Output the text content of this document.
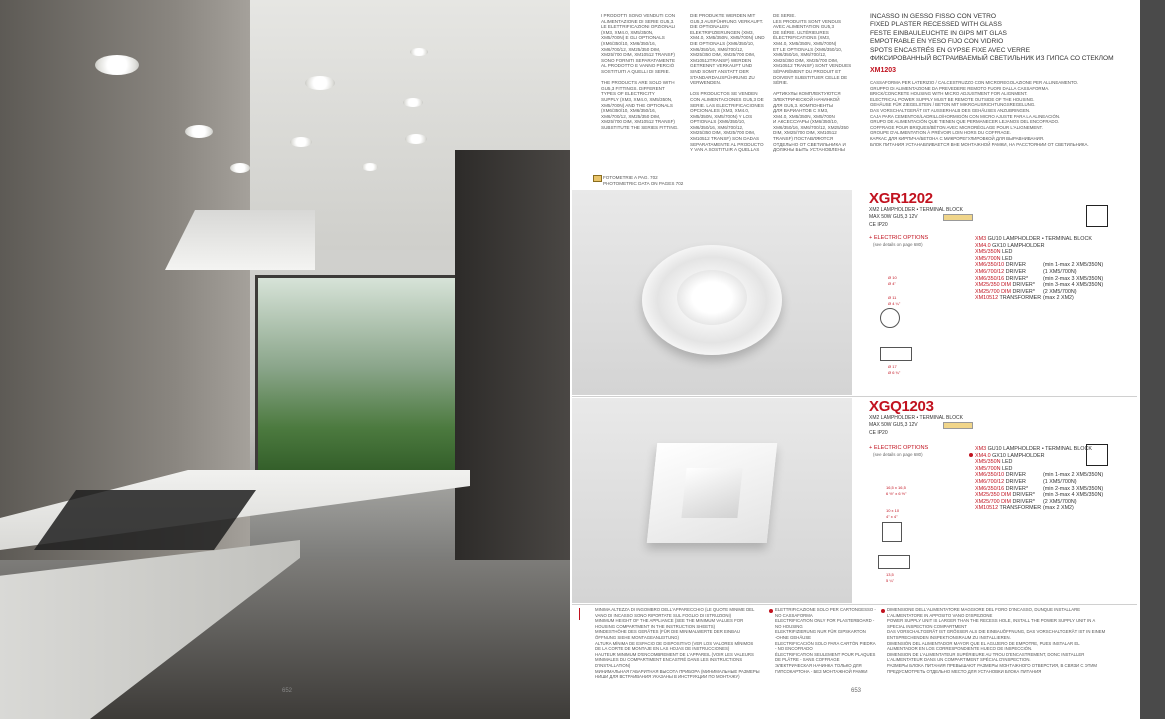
652
I PRODOTTI SONO VENDUTI CON
ALIMENTAZIONE DI SERIE GU5,3.
LE ELETTRIFICAZIONI OPZIONALI
(XM3, XM4.0, XM5/350N,
XM5/700N) E GLI OPTIONALS
(XM6/350/10, XM6/350/16,
XM6/700/12, XM25/350 DIM,
XM25/700 DIM, XM10512 TRANSF)
SONO FORNITI SEPARATAMENTE
AL PRODOTTO E VANNO PERCIÒ
SOSTITUITI A QUELLI DI SERIE.

THE PRODUCTS ARE SOLD WITH
GU5,3 FITTINGS. DIFFERENT
TYPES OF ELECTRICITY
SUPPLY (XM3, XM4.0, XM5/350N,
XM5/700N) AND THE OPTIONALS
(XM6/350/10, XM6/350/16,
XM6/700/12, XM25/350 DIM,
XM25/700 DIM, XM10512 TRANSF)
SUBSTITUTE THE SERIES FITTING.
DIE PRODUKTE WERDEN MIT
GU5,3 AUSFÜHRUNG VERKAUFT.
DIE OPTIONALEN
ELEKTRIFIZIERUNGEN (XM3,
XM4.0, XM5/350N, XM5/700N) UND
DIE OPTIONALS (XM6/350/10,
XM6/350/16, XM6/700/12,
XM25/350 DIM, XM25/700 DIM,
XM10512TRANSF) WERDEN
GETRENNT VERKAUFT UND
SIND SOMIT ANSTATT DER
STANDARDAUSFÜHRUNG ZU
VERWENDEN.

LOS PRODUCTOS SE VENDEN
CON ALIMENTACIONES GU5,3 DE
SERIE. LAS ELECTRIFICACIONES
OPCIONALES (XM3, XM4.0,
XM5/350N, XM5/700N) Y LOS
OPTIONALS (XM6/350/10,
XM6/350/16, XM6/700/12,
XM25/350 DIM, XM25/700 DIM,
XM10512 TRANSF) SON DADAS
SEPARATAMENTE AL PRODUCTO
Y VAN A SOSTITUIR A QUELLAS
DE SERIE.
LES PRODUITS SONT VENDUS
AVEC ALIMENTATION GU5,3
DE SÉRIE. ULTÉRIEURES
ÉLECTRIFICATIONS (XM3,
XM4.0, XM5/350N, XM5/700N)
ET LE OPTIONALS (XM6/350/10,
XM6/350/16, XM6/700/12,
XM25/350 DIM, XM25/700 DIM,
XM10512 TRANSF) SONT VENDUES
SÉPARÉMENT DU PRODUIT ET
DOIVENT SUBSTITUER CELLE DE
SÉRIE.

АРТИКУЛЫ КОМПЛЕКТУЮТСЯ
ЭЛЕКТРИЧЕСКОЙ НАЧИНКОЙ
ДЛЯ GU5,3. КОМПОНЕНТЫ
ДЛЯ ВАРИАНТОВ С XM3,
XM4.0, XM5/350N, XM5/700N
И АКСЕССУАРЫ (XM6/350/10,
XM6/350/16, XM6/700/12, XM25/350
DIM, XM25/700 DIM, XM10512
TRANSF) ПОСТАВЛЯЮТСЯ
ОТДЕЛЬНО ОТ СВЕТИЛЬНИКА И
ДОЛЖНЫ БЫТЬ УСТАНОВЛЕНЫ
FOTOMETRIE A PAG. 702
PHOTOMETRIC DATA ON PAGES 702
INCASSO IN GESSO FISSO CON VETRO
FIXED PLASTER RECESSED WITH GLASS
FESTE EINBAULEUCHTE IN GIPS MIT GLAS
EMPOTRABLE EN YESO FIJO CON VIDRIO
SPOTS ENCASTRÉS EN GYPSE FIXE AVEC VERRE
ФИКСИРОВАННЫЙ ВСТРАИВАЕМЫЙ СВЕТИЛЬНИК ИЗ ГИПСА СО СТЕКЛОМ
XM1203
CASSAFORMA PER LATERIZIO / CALCESTRUZZO CON MICROREGOLAZIONE PER ALLINEAMENTO.
GRUPPO DI ALIMENTAZIONE DA PREVEDERE REMOTO FUORI DALLA CASSAFORMA.
BRICK/CONCRETE HOUSING WITH MICRO ADJUSTMENT FOR ALIGNMENT.
ELECTRICAL POWER SUPPLY MUST BE REMOTE OUTSIDE OF THE HOUSING.
GEHÄUSE FÜR ZIEGELSTEIN / BETON MIT MIKROAUSRICHTUNGSREGELUNG.
DAS VORSCHALTGERÄT IST AUSSERHALB DES GEHÄUSES ANZUBRINGEN.
CAJA PARA CEMENTOS/LADRILLO/HORMIGÓN CON MICRO AJUSTE PARA LA ALINEACIÓN.
GRUPO DE ALIMENTACIÓN QUE TIENEN QUE PERMANECER LEJANOS DEL ENCOFRADO.
COFFRAGE POUR BRIQUES/BÉTON AVEC MICRORÉGLAGE POUR L'ALIGNEMENT.
GROUPE D'ALIMENTATION À PRÉVOIR LOIN HORS DU COFFRAGE.
КАРКАС ДЛЯ КИРПИЧА/БЕТОНА С МИКРОРЕГУЛИРОВКОЙ ДЛЯ ВЫРАВНИВАНИЯ.
БЛОК ПИТАНИЯ УСТАНАВЛИВАЕТСЯ ВНЕ МОНТАЖНОЙ РАМКИ, НА РАССТОЯНИИ ОТ СВЕТИЛЬНИКА.
XGR1202
XM2 LAMPHOLDER • TERMINAL BLOCK
MAX 50W GU5,3 12V
CE IP20
+ ELECTRIC OPTIONS
(see details on page 680)
XM3 GU10 LAMPHOLDER • TERMINAL BLOCK
XM4.0 GX10 LAMPHOLDER
XM5/350N LED
XM5/700N LED
XM6/350/10 DRIVER	(min 1-max 2 XM5/350N)
XM6/700/12 DRIVER	(1 XM5/700N)
XM6/350/16 DRIVER*	(min 2-max 3 XM5/350N)
XM25/350 DIM DRIVER* (min 3-max 4 XM5/350N)
XM25/700 DIM DRIVER* (2 XM5/700N)
XM10512 TRANSFORMER (max 2 XM2)
Ø 10
Ø 4"
Ø 11
Ø 4 ¼"
Ø 17
Ø 6 ¾"
XGQ1203
XM2 LAMPHOLDER • TERMINAL BLOCK
MAX 50W GU5,3 12V
CE IP20
+ ELECTRIC OPTIONS
(see details on page 680)
XM3 GU10 LAMPHOLDER • TERMINAL BLOCK
XM4.0 GX10 LAMPHOLDER
XM5/350N LED
XM5/700N LED
XM6/350/10 DRIVER	(min 1-max 2 XM5/350N)
XM6/700/12 DRIVER	(1 XM5/700N)
XM6/350/16 DRIVER*	(min 2-max 3 XM5/350N)
XM25/350 DIM DRIVER* (min 3-max 4 XM5/350N)
XM25/700 DIM DRIVER* (2 XM5/700N)
XM10512 TRANSFORMER (max 2 XM2)
16,5 x 16,5
6 ½" x 6 ½"
10 x 10
4" x 4"
13,5
5 ¼"
MINIMA ALTEZZA DI INGOMBRO DELL'APPARECCHIO (LE QUOTE MINIME DEL
VANO DI INCASSO SONO RIPORTATE SUL FOGLIO DI ISTRUZIONI)
MINIMUM HEIGHT OF THE APPLIANCE (SEE THE MINIMUM VALUES FOR
HOUSING COMPARTMENT IN THE INSTRUCTION SHEETS)
MINDESTHÖHE DES GERÄTES (FÜR DIE MINIMALWERTE DER EINBAU
ÖFFNUNG SIEHE MONTAGEANLEITUNG)
ALTURA MÍNIMA DE ESPACIO DE DISPOSITIVO (VER LOS VALORES MÍNIMOS
DE LA CORTE DE MONTAJE EN LAS HOJAS DE INSTRUCCIONES)
HAUTEUR MINIMUM D'ENCOMBREMENT DE L'APPAREIL (VOIR LES VALEURS
MINIMALES DU COMPARTIMENT ENCASTRÉ DANS LES INSTRUCTIONS
D'INSTALLATION)
МИНИМАЛЬНАЯ ГАБАРИТНАЯ ВЫСОТА ПРИБОРА (МИНИМАЛЬНЫЕ РАЗМЕРЫ
НИШИ ДЛЯ ВСТРАИВАНИЯ УКАЗАНЫ В ИНСТРУКЦИИ ПО МОНТАЖУ)
ELETTRIFICAZIONE SOLO PER CARTONGESSO -
NO CASSAFORMA
ELECTRIFICATION ONLY FOR PLASTERBOARD -
NO HOUSING
ELEKTRIFIZIERUNG NUR FÜR GIPSKARTON
-OHNE GEHÄUSE
ELECTRIFICACIÓN SOLO PARA CARTÓN PIEDRA
- NO ENCOFRADO
ÉLECTRIFICATION SEULEMENT POUR PLAQUES
DE PLÂTRE - SANS COFFRAGE
ЭЛЕКТРИЧЕСКАЯ НАЧИНКА ТОЛЬКО ДЛЯ
ГИПСОКАРТОНА - БЕЗ МОНТАЖНОЙ РАМКИ
DIMENSIONE DELL'ALIMENTATORE MAGGIORE DEL FORO D'INCASSO, DUNQUE INSTALLARE
L'ALIMENTATORE IN APPOSITO VANO D'ISPEZIONE
POWER SUPPLY UNIT IS LARGER THAN THE RECESS HOLE, INSTALL THE POWER SUPPLY UNIT IN A
SPECIAL INSPECTION COMPARTMENT
DAS VORSCHALTGERÄT IST GRÖSSER ALS DIE EINBAUÖFFNUNG, DAS VORSCHALTGERÄT IST IN EINEM
ENTSPRECHENDEN INSPEKTIONSRAUM ZU INSTALLIEREN.
DIMENSIÓN DEL ALIMENTADOR MAYOR QUE EL AGUJERO DE EMPOTRE, PUES INSTALAR EL
ALIMENTADOR EN LOS CORRESPONDIENTE HUECO DE INSPECCIÓN.
DIMENSION DE L'ALIMENTATEUR SUPÉRIEURE AU TROU D'ENCASTREMENT, DONC INSTALLER
L'ALIMENTATEUR DANS UN COMPARTIMENT SPÉCIAL D'INSPECTION.
РАЗМЕРЫ БЛОКА ПИТАНИЯ ПРЕВЫШАЮТ РАЗМЕРЫ МОНТАЖНОГО ОТВЕРСТИЯ, В СВЯЗИ С ЭТИМ
ПРЕДУСМОТРЕТЬ ОТДЕЛЬНО МЕСТО ДЛЯ УСТАНОВКИ БЛОКА ПИТАНИЯ
653
